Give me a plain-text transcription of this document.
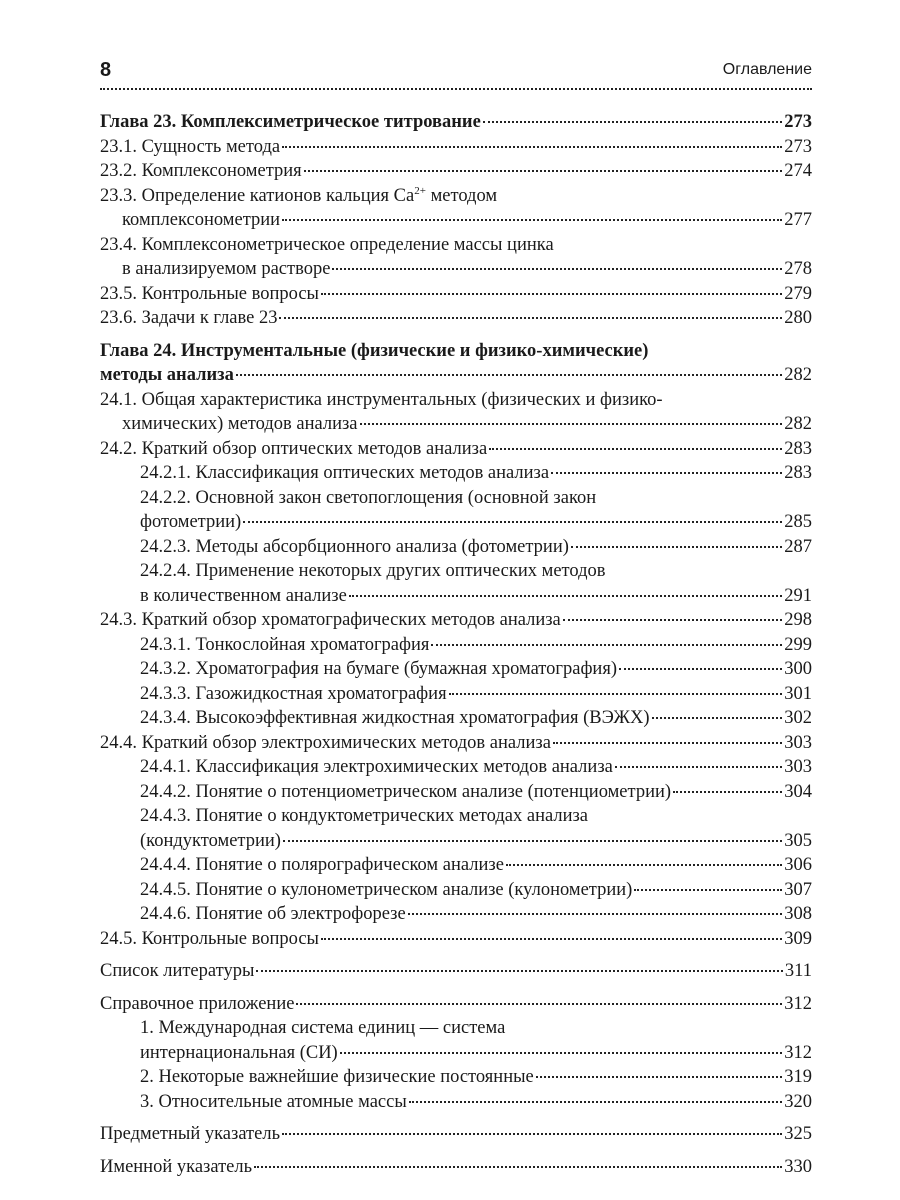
8	Оглавление
Глава 23. Комплексиметрическое титрование	273
23.1. Сущность метода	273
23.2. Комплексонометрия	274
23.3. Определение катионов кальция $Ca^{2+}$ методом
комплексонометрии	277
23.4. Комплексонометрическое определение массы цинка
в анализируемом растворе	278
23.5. Контрольные вопросы	279
23.6. Задачи к главе 23	280
Глава 24. Инструментальные (физические и физико-химические)
методы анализа	282
24.1. Общая характеристика инструментальных (физических и физико-
химических) методов анализа	282
24.2. Краткий обзор оптических методов анализа	283
24.2.1. Классификация оптических методов анализа	283
24.2.2. Основной закон светопоглощения (основной закон
фотометрии)	285
24.2.3. Методы абсорбционного анализа (фотометрии)	287
24.2.4. Применение некоторых других оптических методов
в количественном анализе	291
24.3. Краткий обзор хроматографических методов анализа	298
24.3.1. Тонкослойная хроматография	299
24.3.2. Хроматография на бумаге (бумажная хроматография)	300
24.3.3. Газожидкостная хроматография	301
24.3.4. Высокоэффективная жидкостная хроматография (ВЭЖХ)	302
24.4. Краткий обзор электрохимических методов анализа	303
24.4.1. Классификация электрохимических методов анализа	303
24.4.2. Понятие о потенциометрическом анализе (потенциометрии)	304
24.4.3. Понятие о кондуктометрических методах анализа
(кондуктометрии)	305
24.4.4. Понятие о полярографическом анализе	306
24.4.5. Понятие о кулонометрическом анализе (кулонометрии)	307
24.4.6. Понятие об электрофорезе	308
24.5. Контрольные вопросы	309
Список литературы	311
Справочное приложение	312
1. Международная система единиц — система
интернациональная (СИ)	312
2. Некоторые важнейшие физические постоянные	319
3. Относительные атомные массы	320
Предметный указатель	325
Именной указатель	330
